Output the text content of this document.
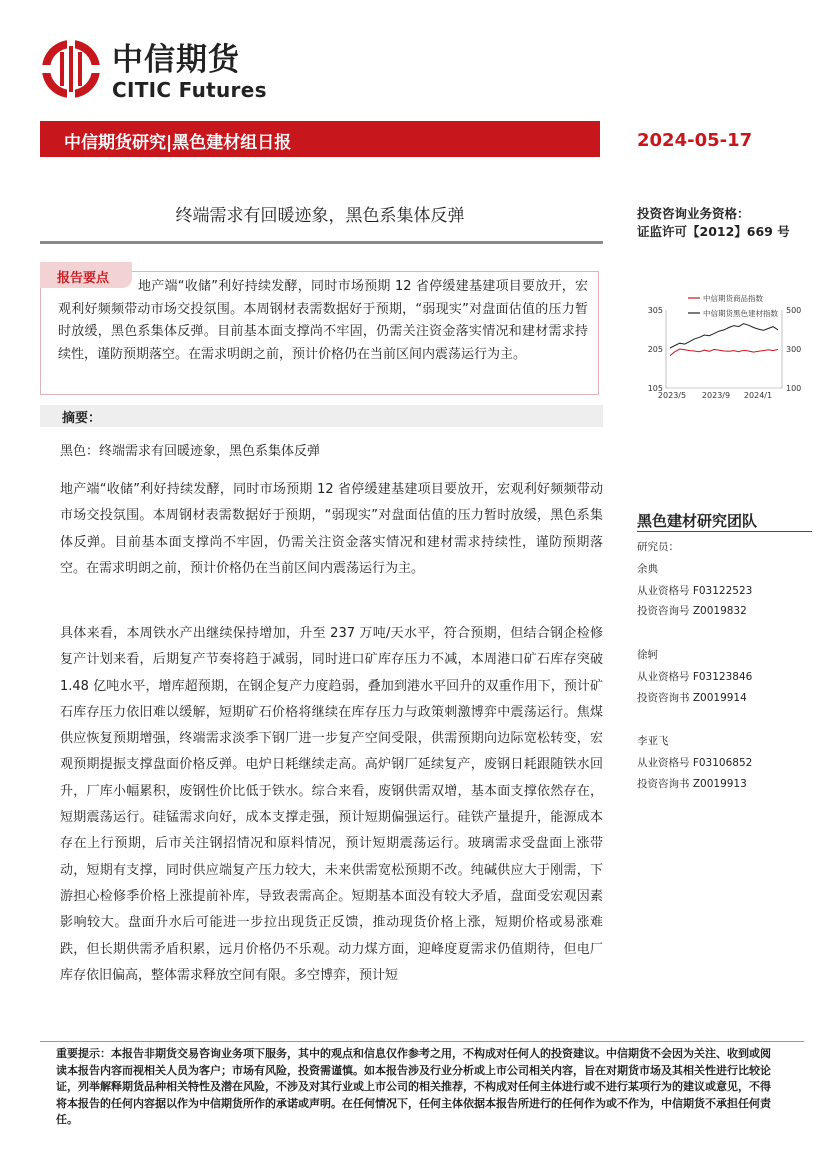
中信期货
CITIC Futures
中信期货研究|黑色建材组日报	2024-05-17
终端需求有回暖迹象，黑色系集体反弹	投资咨询业务资格：
证监许可【2012】669 号
报告要点
地产端“收储”利好持续发酵，同时市场预期 12 省停缓建基建项目要放开，宏观利好频频带动市场交投氛围。本周钢材表需数据好于预期，“弱现实”对盘面估值的压力暂时放缓，黑色系集体反弹。目前基本面支撑尚不牢固，仍需关注资金落实情况和建材需求持续性，谨防预期落空。在需求明朗之前，预计价格仍在当前区间内震荡运行为主。
摘要：
黑色：终端需求有回暖迹象，黑色系集体反弹
地产端“收储”利好持续发酵，同时市场预期 12 省停缓建基建项目要放开，宏观利好频频带动市场交投氛围。本周钢材表需数据好于预期，“弱现实”对盘面估值的压力暂时放缓，黑色系集体反弹。目前基本面支撑尚不牢固，仍需关注资金落实情况和建材需求持续性，谨防预期落空。在需求明朗之前，预计价格仍在当前区间内震荡运行为主。
具体来看，本周铁水产出继续保持增加，升至 237 万吨/天水平，符合预期，但结合钢企检修复产计划来看，后期复产节奏将趋于减弱，同时进口矿库存压力不减，本周港口矿石库存突破 1.48 亿吨水平，增库超预期，在钢企复产力度趋弱，叠加到港水平回升的双重作用下，预计矿石库存压力依旧难以缓解，短期矿石价格将继续在库存压力与政策刺激博弈中震荡运行。焦煤供应恢复预期增强，终端需求淡季下钢厂进一步复产空间受限，供需预期向边际宽松转变，宏观预期提振支撑盘面价格反弹。电炉日耗继续走高。高炉钢厂延续复产，废钢日耗跟随铁水回升，厂库小幅累积，废钢性价比低于铁水。综合来看，废钢供需双增，基本面支撑依然存在，短期震荡运行。硅锰需求向好，成本支撑走强，预计短期偏强运行。硅铁产量提升，能源成本存在上行预期，后市关注钢招情况和原料情况，预计短期震荡运行。玻璃需求受盘面上涨带动，短期有支撑，同时供应端复产压力较大，未来供需宽松预期不改。纯碱供应大于刚需，下游担心检修季价格上涨提前补库，导致表需高企。短期基本面没有较大矛盾，盘面受宏观因素影响较大。盘面升水后可能进一步拉出现货正反馈，推动现货价格上涨，短期价格或易涨难跌，但长期供需矛盾积累，远月价格仍不乐观。动力煤方面，迎峰度夏需求仍值期待，但电厂库存依旧偏高，整体需求释放空间有限。多空博弈，预计短
305
205
105
500
300
100
2023/5 2023/9 2024/1
中信期货商品指数
中信期货黑色建材指数
黑色建材研究团队
研究员：
余典
从业资格号 F03122523
投资咨询号 Z0019832
徐轲
从业资格号 F03123846
投资咨询书 Z0019914
李亚飞
从业资格号 F03106852
投资咨询书 Z0019913
重要提示：本报告非期货交易咨询业务项下服务，其中的观点和信息仅作参考之用，不构成对任何人的投资建议。中信期货不会因为关注、收到或阅读本报告内容而视相关人员为客户；市场有风险，投资需谨慎。如本报告涉及行业分析或上市公司相关内容，旨在对期货市场及其相关性进行比较论证，列举解释期货品种相关特性及潜在风险，不涉及对其行业或上市公司的相关推荐，不构成对任何主体进行或不进行某项行为的建议或意见，不得将本报告的任何内容据以作为中信期货所作的承诺或声明。在任何情况下，任何主体依据本报告所进行的任何作为或不作为，中信期货不承担任何责任。
